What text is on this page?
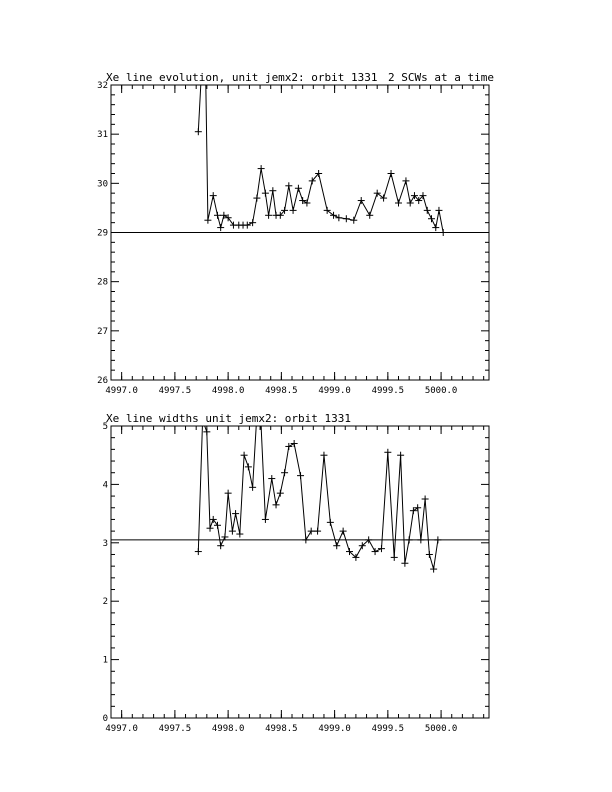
Xe line evolution, unit jemx2: orbit 1331 2 SCWs at a time
26
27
28
29
30
31
32
4997.0 4997.5 4998.0 4998.5 4999.0 4999.5 5000.0
Xe line widths unit jemx2: orbit 1331
0
1
2
3
4
5
4997.0 4997.5 4998.0 4998.5 4999.0 4999.5 5000.0
